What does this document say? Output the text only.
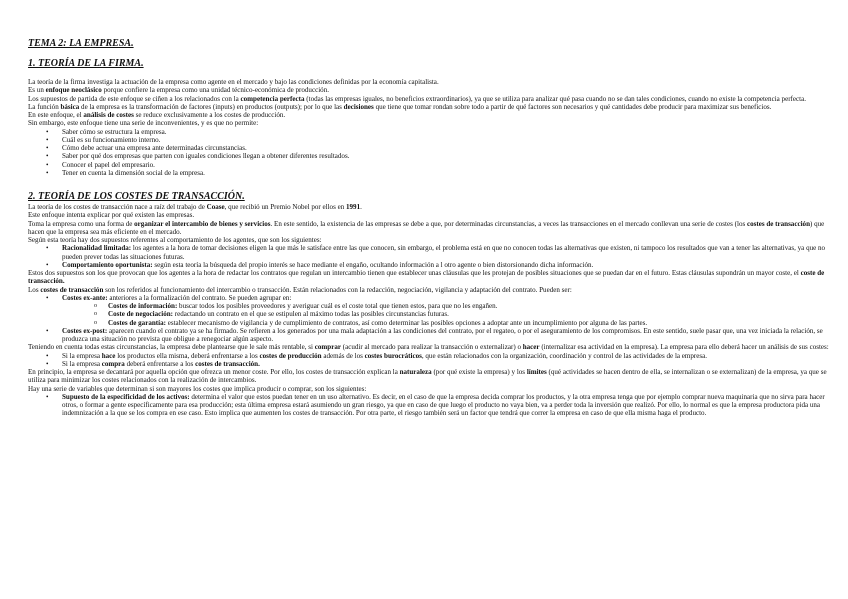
TEMA 2: LA EMPRESA.
1. TEORÍA DE LA FIRMA.

La teoría de la firma investiga la actuación de la empresa como agente en el mercado y bajo las condiciones definidas por la economía capitalista.

Es un enfoque neoclásico porque confiere la empresa como una unidad técnico-económica de producción.

Los supuestos de partida de este enfoque se ciñen a los relacionados con la competencia perfecta (todas las empresas iguales, no beneficios extraordinarios), ya que se utiliza para analizar qué pasa cuando no se dan tales condiciones, cuando no existe la competencia perfecta.

La función básica de la empresa es la transformación de factores (inputs) en productos (outputs); por lo que las decisiones que tiene que tomar rondan sobre todo a partir de qué factores son necesarios y qué cantidades debe producir para maximizar sus beneficios.

En este enfoque, el análisis de costes se reduce exclusivamente a los costes de producción.

Sin embargo, este enfoque tiene una serie de inconvenientes, y es que no permite:

• Saber cómo se estructura la empresa.
• Cuál es su funcionamiento interno.
• Cómo debe actuar una empresa ante determinadas circunstancias.
• Saber por qué dos empresas que parten con iguales condiciones llegan a obtener diferentes resultados.
• Conocer el papel del empresario.
• Tener en cuenta la dimensión social de la empresa.
2. TEORÍA DE LOS COSTES DE TRANSACCIÓN.

La teoría de los costes de transacción nace a raíz del trabajo de Coase, que recibió un Premio Nobel por ellos en 1991.

Este enfoque intenta explicar por qué existen las empresas.

Toma la empresa como una forma de organizar el intercambio de bienes y servicios. En este sentido, la existencia de las empresas se debe a que, por determinadas circunstancias, a veces las transacciones en el mercado conllevan una serie de costes (los costes de transacción) que hacen que la empresa sea más eficiente en el mercado.

Según esta teoría hay dos supuestos referentes al comportamiento de los agentes, que son los siguientes:

• Racionalidad limitada: los agentes a la hora de tomar decisiones eligen la que más le satisface entre las que conocen, sin embargo, el problema está en que no conocen todas las alternativas que existen, ni tampoco los resultados que van a tener las alternativas, ya que no pueden prever todas las situaciones futuras.
• Comportamiento oportunista: según esta teoría la búsqueda del propio interés se hace mediante el engaño, ocultando información a l otro agente o bien distorsionando dicha información.

Estos dos supuestos son los que provocan que los agentes a la hora de redactar los contratos que regulan un intercambio tienen que establecer unas cláusulas que les protejan de posibles situaciones que se puedan dar en el futuro. Estas cláusulas supondrán un mayor coste, el coste de transacción.

Los costes de transacción son los referidos al funcionamiento del intercambio o transacción. Están relacionados con la redacción, negociación, vigilancia y adaptación del contrato. Pueden ser:

• Costes ex-ante: anteriores a la formalización del contrato. Se pueden agrupar en:
o Costes de información: buscar todos los posibles proveedores y averiguar cuál es el coste total que tienen estos, para que no les engañen.
o Coste de negociación: redactando un contrato en el que se estipulen al máximo todas las posibles circunstancias futuras.
o Costes de garantía: establecer mecanismo de vigilancia y de cumplimiento de contratos, así como determinar las posibles opciones a adoptar ante un incumplimiento por alguna de las partes.
• Costes ex-post: aparecen cuando el contrato ya se ha firmado. Se refieren a los generados por una mala adaptación a las condiciones del contrato, por el regateo, o por el aseguramiento de los compromisos. En este sentido, suele pasar que, una vez iniciada la relación, se produzca una situación no prevista que obligue a renegociar algún aspecto.

Teniendo en cuenta todas estas circunstancias, la empresa debe plantearse que le sale más rentable, si comprar (acudir al mercado para realizar la transacción o externalizar) o hacer (internalizar esa actividad en la empresa). La empresa para ello deberá hacer un análisis de sus costes:

• Si la empresa hace los productos ella misma, deberá enfrentarse a los costes de producción además de los costes burocráticos, que están relacionados con la organización, coordinación y control de las actividades de la empresa.
• Si la empresa compra deberá enfrentarse a los costes de transacción.

En principio, la empresa se decantará por aquella opción que ofrezca un menor coste. Por ello, los costes de transacción explican la naturaleza (por qué existe la empresa) y los límites (qué actividades se hacen dentro de ella, se internalizan o se externalizan) de la empresa, ya que se utiliza para minimizar los costes relacionados con la realización de intercambios.

Hay una serie de variables que determinan si son mayores los costes que implica producir o comprar, son los siguientes:

• Supuesto de la especificidad de los activos: determina el valor que estos puedan tener en un uso alternativo. Es decir, en el caso de que la empresa decida comprar los productos, y la otra empresa tenga que por ejemplo comprar nueva maquinaria que no sirva para hacer otros, o formar a gente específicamente para esa producción; esta última empresa estará asumiendo un gran riesgo, ya que en caso de que luego el producto no vaya bien, va a perder toda la inversión que realizó. Por ello, lo normal es que la empresa productora pida una indemnización a la que se los compra en ese caso. Esto implica que aumenten los costes de transacción. Por otra parte, el riesgo también será un factor que tendrá que correr la empresa en caso de que ella misma haga el producto.
